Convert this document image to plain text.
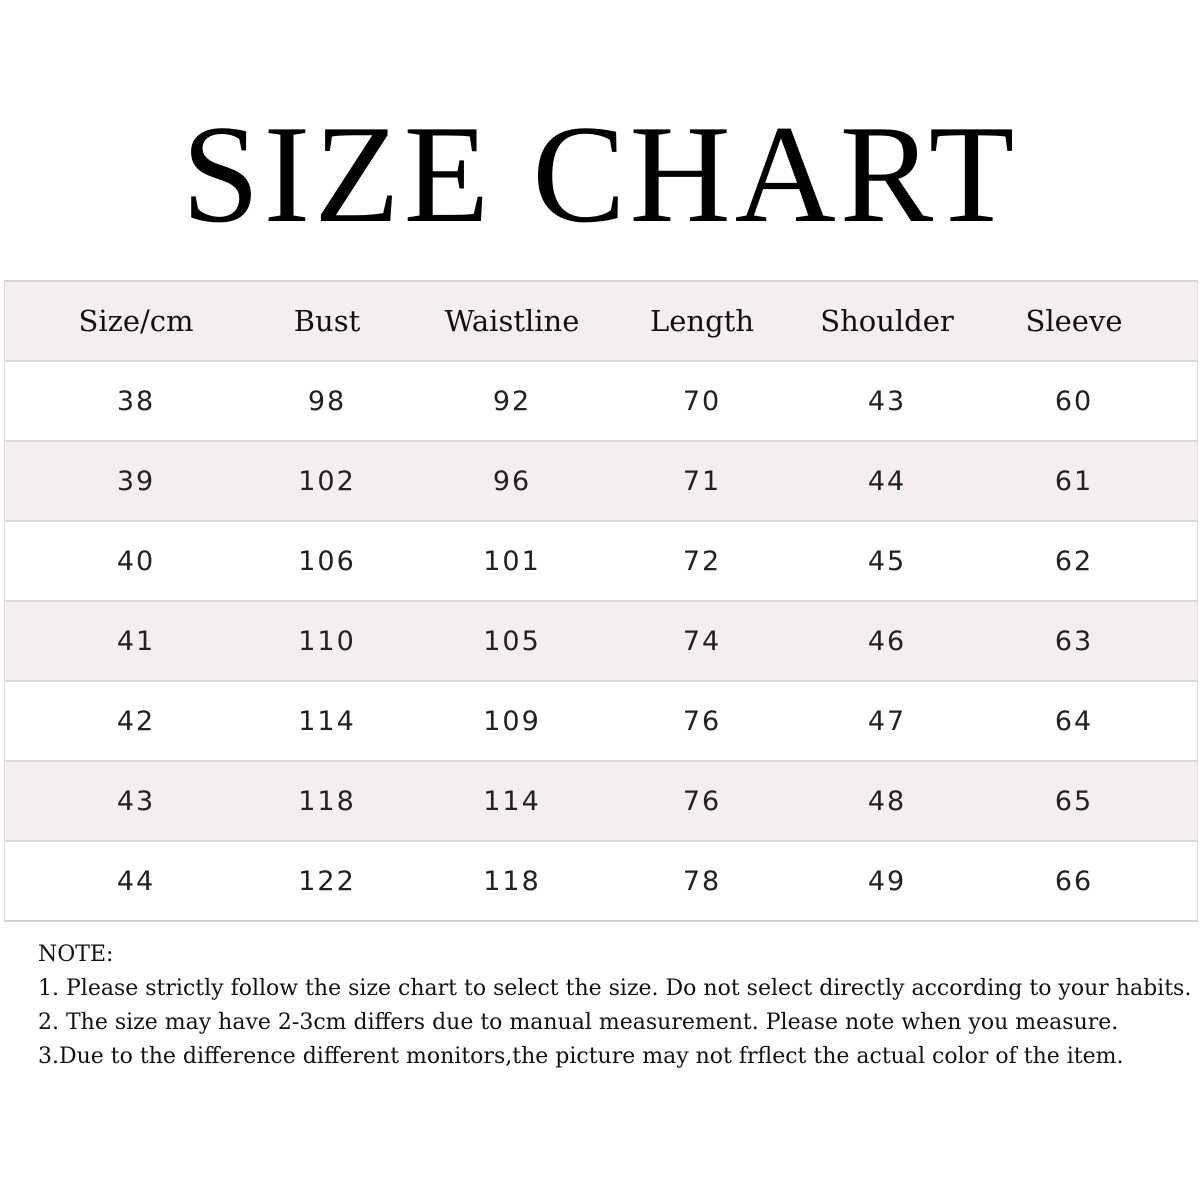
SIZE CHART
Size/cm	Bust	Waistline	Length	Shoulder	Sleeve
38	98	92	70	43	60
39	102	96	71	44	61
40	106	101	72	45	62
41	110	105	74	46	63
42	114	109	76	47	64
43	118	114	76	48	65
44	122	118	78	49	66
NOTE:
1. Please strictly follow the size chart to select the size. Do not select directly according to your habits.
2. The size may have 2-3cm differs due to manual measurement. Please note when you measure.
3.Due to the difference different monitors,the picture may not frflect the actual color of the item.
